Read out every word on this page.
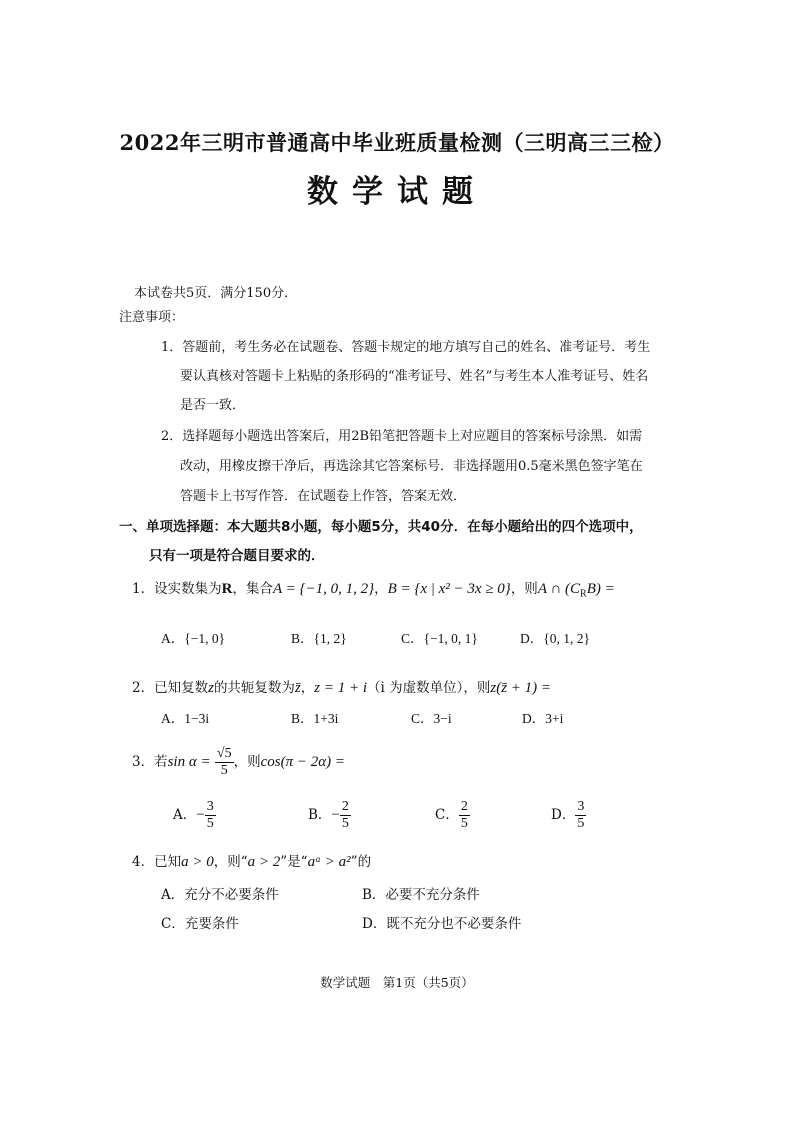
2022年三明市普通高中毕业班质量检测（三明高三三检）
数学试题
本试卷共5页．满分150分．
注意事项：
1．答题前，考生务必在试题卷、答题卡规定的地方填写自己的姓名、准考证号．考生
要认真核对答题卡上粘贴的条形码的“准考证号、姓名”与考生本人准考证号、姓名
是否一致．
2．选择题每小题选出答案后，用2B铅笔把答题卡上对应题目的答案标号涂黑．如需
改动，用橡皮擦干净后，再选涂其它答案标号．非选择题用0.5毫米黑色签字笔在
答题卡上书写作答．在试题卷上作答，答案无效．
一、单项选择题：本大题共8小题，每小题5分，共40分．在每小题给出的四个选项中，
只有一项是符合题目要求的．
1．设实数集为R，集合A = {−1, 0, 1, 2}，B = {x | x² − 3x ≥ 0}，则A ∩ $(C_RB)$ =
A．{−1, 0}	B．{1, 2}	C．{−1, 0, 1}	D．{0, 1, 2}
2．已知复数z的共轭复数为z̄，z = 1 + i（i 为虚数单位），则z(z̄ + 1) =
A．1−3i	B．1+3i	C．3−i	D．3+i
3．若$\sin \alpha = \frac{√5}{5}$ ，则cos(π − 2α) =
A．− $\frac{3}{5}$	B．− $\frac{2}{5}$	C． $\frac{2}{5}$	D． $\frac{3}{5}$
4．已知a > 0，则“a > 2”是“aᵃ > a²”的
A．充分不必要条件	B．必要不充分条件
C．充要条件	D．既不充分也不必要条件
数学试题　第1页（共5页）
